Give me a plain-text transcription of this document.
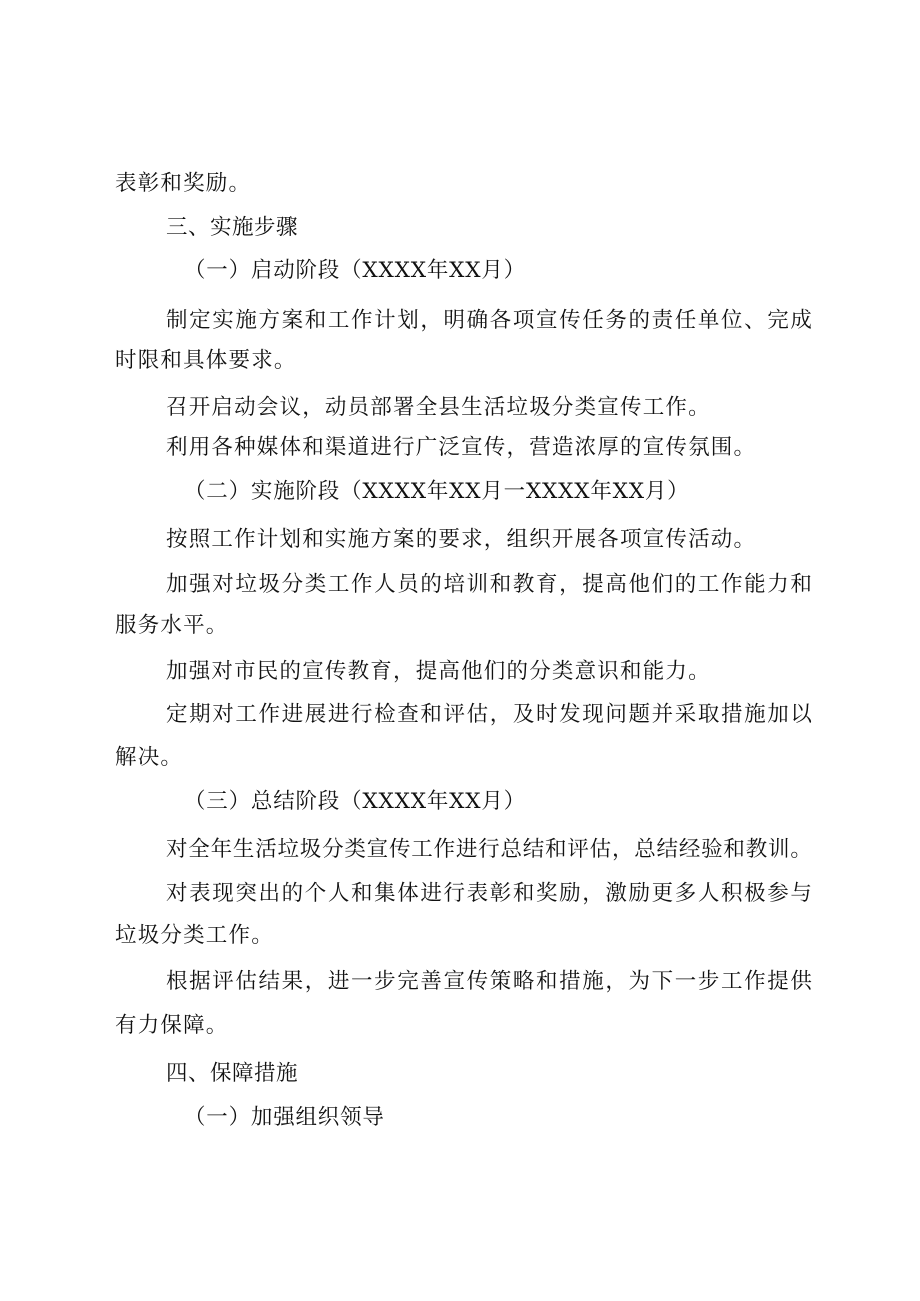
表彰和奖励。
三、实施步骤
（一）启动阶段（XXXX年XX月）
制 定 实 施 方 案 和 工 作 计 划 ， 明 确 各 项 宣 传 任 务 的 责 任 单 位 、 完 成
时限和具体要求。
召开启动会议，动员部署全县生活垃圾分类宣传工作。
利用各种媒体和渠道进行广泛宣传，营造浓厚的宣传氛围。
（二）实施阶段（XXXX年XX月一XXXX年XX月）
按照工作计划和实施方案的要求，组织开展各项宣传活动。
加 强 对 垃 圾 分 类 工 作 人 员 的 培 训 和 教 育 ， 提 高 他 们 的 工 作 能 力 和
服务水平。
加强对市民的宣传教育，提高他们的分类意识和能力。
定 期 对 工 作 进 展 进 行 检 查 和 评 估 ， 及 时 发 现 问 题 并 采 取 措 施 加 以
解决。
（三）总结阶段（XXXX年XX月）
对 全 年 生 活 垃 圾 分 类 宣 传 工 作 进 行 总 结 和 评 估 ， 总 结 经 验 和 教 训 。
对 表 现 突 出 的 个 人 和 集 体 进 行 表 彰 和 奖 励 ， 激 励 更 多 人 积 极 参 与
垃圾分类工作。
根 据 评 估 结 果 ， 进 一 步 完 善 宣 传 策 略 和 措 施 ， 为 下 一 步 工 作 提 供
有力保障。
四、保障措施
（一）加强组织领导
